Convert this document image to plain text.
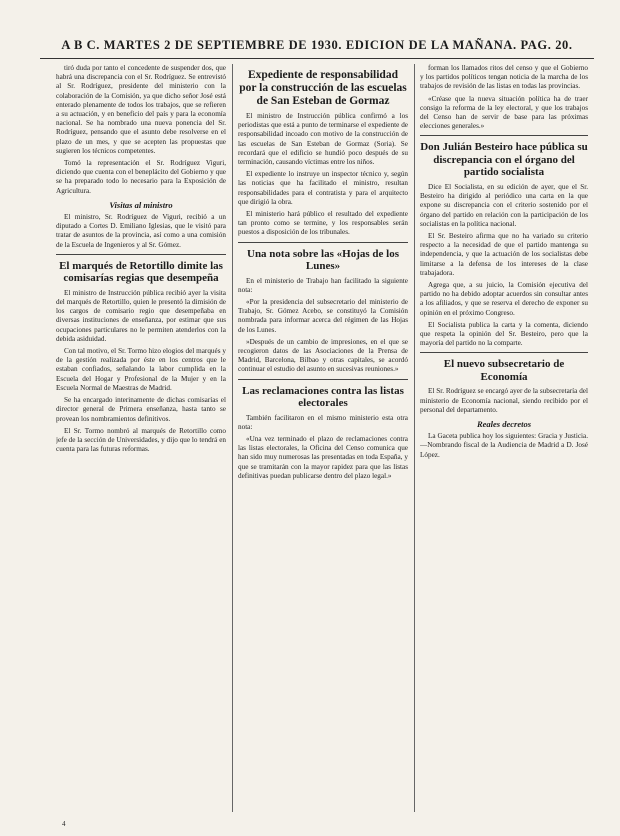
A B C. MARTES 2 DE SEPTIEMBRE DE 1930. EDICION DE LA MAÑANA. PAG. 20.

tiró duda por tanto el concedente de suspender dos, que habrá una discrepancia con el Sr. Rodríguez. Se entrevistó al Sr. Rodríguez, presidente del ministerio con la colaboración de la Comisión, ya que dicho señor José está enterado plenamente de todos los trabajos, que se refieren a su actuación, y en beneficio del país y para la economía nacional. Se ha nombrado una nueva ponencia del Sr. Rodríguez, pensando que el asunto debe resolverse en el plazo de un mes, y que se acepten las propuestas que sugieren los técnicos competentes.

Tomó la representación el Sr. Rodríguez Viguri, diciendo que cuenta con el beneplácito del Gobierno y que se ha preparado todo lo necesario para la Exposición de Agricultura.

Visitas al ministro

El ministro, Sr. Rodríguez de Viguri, recibió a un diputado a Cortes D. Emiliano Iglesias, que le visitó para tratar de asuntos de la provincia, así como a una comisión de la Escuela de Ingenieros y al Sr. Gómez.

El marqués de Retortillo dimite las comisarías regias que desempeña

El ministro de Instrucción pública recibió ayer la visita del marqués de Retortillo, quien le presentó la dimisión de los cargos de comisario regio que desempeñaba en diversas instituciones de enseñanza, por estimar que sus ocupaciones particulares no le permiten atenderlos con la debida asiduidad.

Con tal motivo, el Sr. Tormo hizo elogios del marqués y de la gestión realizada por éste en los centros que le estaban confiados, señalando la labor cumplida en la Escuela del Hogar y Profesional de la Mujer y en la Escuela Normal de Maestras de Madrid.

Se ha encargado interinamente de dichas comisarías el director general de Primera enseñanza, hasta tanto se provean los nombramientos definitivos.

El Sr. Tormo nombró al marqués de Retortillo como jefe de la sección de Universidades, y dijo que lo tendrá en cuenta para las futuras reformas.

Expediente de responsabilidad por la construcción de las escuelas de San Esteban de Gormaz

El ministro de Instrucción pública confirmó a los periodistas que está a punto de terminarse el expediente de responsabilidad incoado con motivo de la construcción de las escuelas de San Esteban de Gormaz (Soria). Se recordará que el edificio se hundió poco después de su terminación, causando víctimas entre los niños.

El expediente lo instruye un inspector técnico y, según las noticias que ha facilitado el ministro, resultan responsabilidades para el contratista y para el arquitecto que dirigió la obra.

El ministerio hará público el resultado del expediente tan pronto como se termine, y los responsables serán puestos a disposición de los tribunales.

Una nota sobre las «Hojas de los Lunes»

En el ministerio de Trabajo han facilitado la siguiente nota:

«Por la presidencia del subsecretario del ministerio de Trabajo, Sr. Gómez Acebo, se constituyó la Comisión nombrada para informar acerca del régimen de las Hojas de los Lunes.

»Después de un cambio de impresiones, en el que se recogieron datos de las Asociaciones de la Prensa de Madrid, Barcelona, Bilbao y otras capitales, se acordó continuar el estudio del asunto en sucesivas reuniones.»

Las reclamaciones contra las listas electorales

También facilitaron en el mismo ministerio esta otra nota:

«Una vez terminado el plazo de reclamaciones contra las listas electorales, la Oficina del Censo comunica que han sido muy numerosas las presentadas en toda España, y que se tramitarán con la mayor rapidez para que las listas definitivas puedan publicarse dentro del plazo legal.»

forman los llamados ritos del censo y que el Gobierno y los partidos políticos tengan noticia de la marcha de los trabajos de revisión de las listas en todas las provincias.

«Créase que la nueva situación política ha de traer consigo la reforma de la ley electoral, y que los trabajos del Censo han de servir de base para las próximas elecciones generales.»

Don Julián Besteiro hace pública su discrepancia con el órgano del partido socialista

Dice El Socialista, en su edición de ayer, que el Sr. Besteiro ha dirigido al periódico una carta en la que expone su discrepancia con el criterio sostenido por el órgano del partido en relación con la participación de los socialistas en la política nacional.

El Sr. Besteiro afirma que no ha variado su criterio respecto a la necesidad de que el partido mantenga su independencia, y que la actuación de los socialistas debe limitarse a la defensa de los intereses de la clase trabajadora.

Agrega que, a su juicio, la Comisión ejecutiva del partido no ha debido adoptar acuerdos sin consultar antes a los afiliados, y que se reserva el derecho de exponer su opinión en el próximo Congreso.

El Socialista publica la carta y la comenta, diciendo que respeta la opinión del Sr. Besteiro, pero que la mayoría del partido no la comparte.

El nuevo subsecretario de Economía

El Sr. Rodríguez se encargó ayer de la subsecretaría del ministerio de Economía nacional, siendo recibido por el personal del departamento.

Reales decretos

La Gaceta publica hoy los siguientes: Gracia y Justicia.—Nombrando fiscal de la Audiencia de Madrid a D. José López.

4
